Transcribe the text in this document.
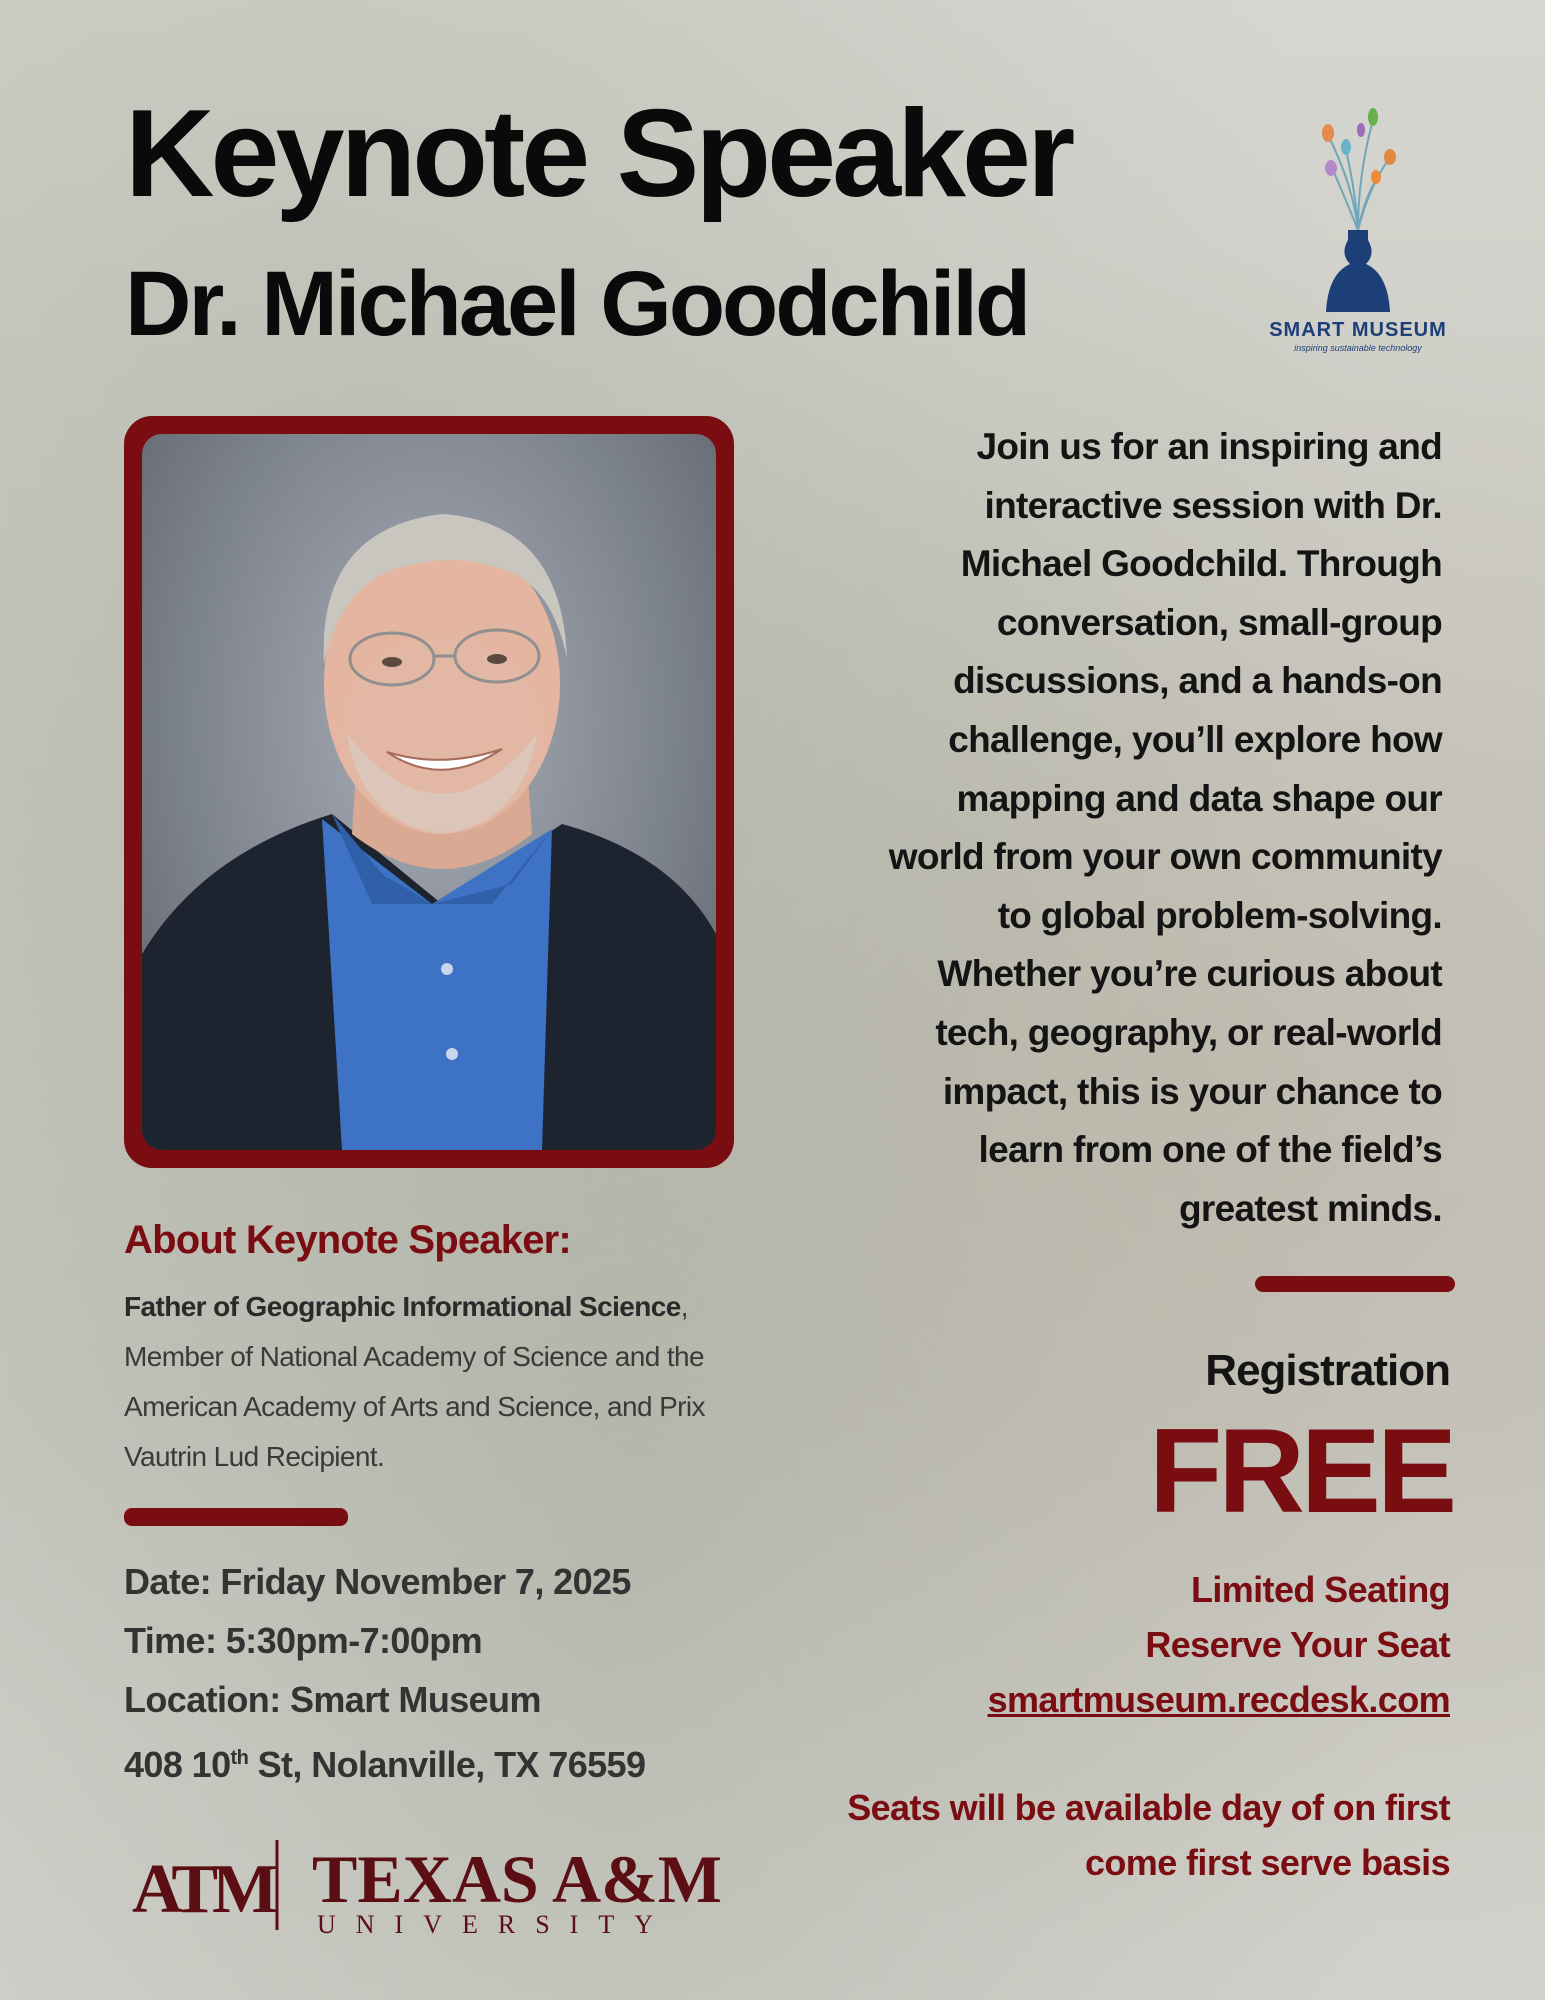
Keynote Speaker
Dr. Michael Goodchild	SMART MUSEUM
inspiring sustainable technology
Join us for an inspiring and
interactive session with Dr.
Michael Goodchild. Through
conversation, small-group
discussions, and a hands-on
challenge, you’ll explore how
mapping and data shape our
world from your own community
to global problem-solving.
Whether you’re curious about
tech, geography, or real-world
impact, this is your chance to
learn from one of the field’s
greatest minds.
About Keynote Speaker:
Father of Geographic Informational Science, Member of National Academy of Science and the American Academy of Arts and Science, and Prix Vautrin Lud Recipient.
Date: Friday November 7, 2025
Time: 5:30pm-7:00pm
Location: Smart Museum
408 10th St, Nolanville, TX 76559
Registration
FREE
Limited Seating
Reserve Your Seat
smartmuseum.recdesk.com
Seats will be available day of on first
come first serve basis
ATM TEXAS A&M
UNIVERSITY
